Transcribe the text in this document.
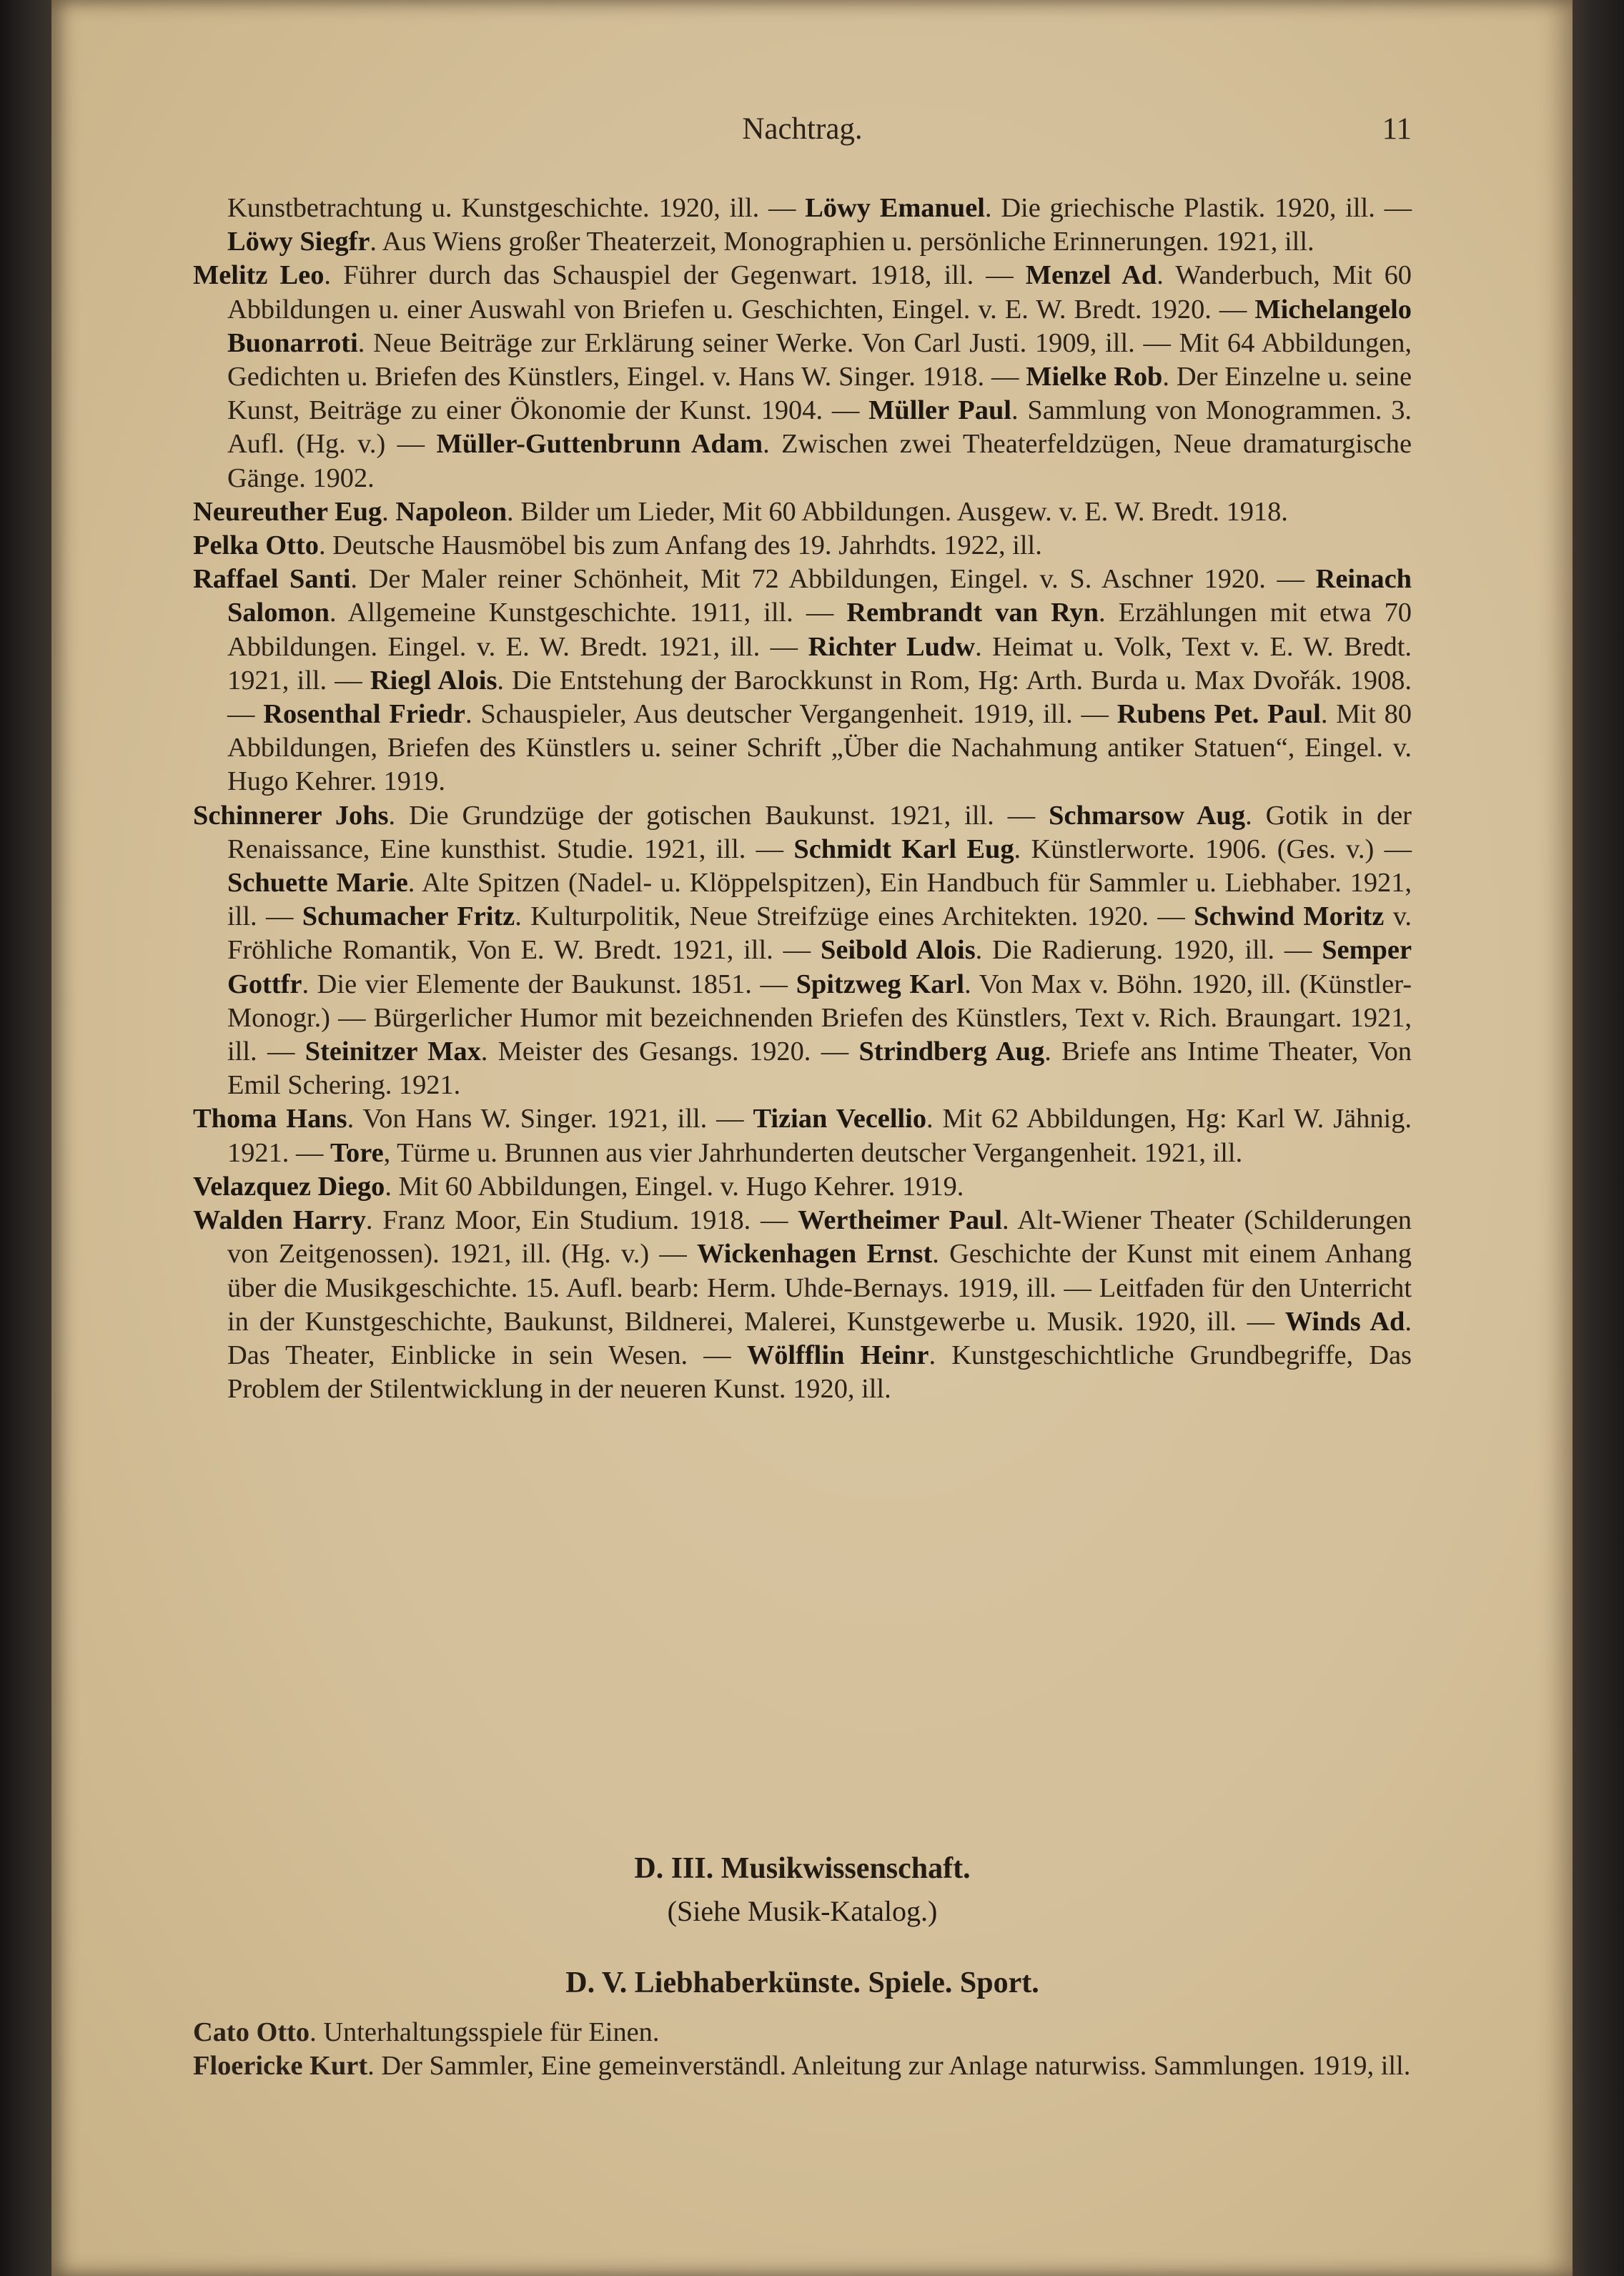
Nachtrag.	11

Kunstbetrachtung u. Kunstgeschichte. 1920, ill. — Löwy Emanuel. Die griechische Plastik. 1920, ill. — Löwy Siegfr. Aus Wiens großer Theaterzeit, Monographien u. persönliche Erinnerungen. 1921, ill.

Melitz Leo. Führer durch das Schauspiel der Gegenwart. 1918, ill. — Menzel Ad. Wanderbuch, Mit 60 Abbildungen u. einer Auswahl von Briefen u. Geschichten, Eingel. v. E. W. Bredt. 1920. — Michelangelo Buonarroti. Neue Beiträge zur Erklärung seiner Werke. Von Carl Justi. 1909, ill. — Mit 64 Abbildungen, Gedichten u. Briefen des Künstlers, Eingel. v. Hans W. Singer. 1918. — Mielke Rob. Der Einzelne u. seine Kunst, Beiträge zu einer Ökonomie der Kunst. 1904. — Müller Paul. Sammlung von Monogrammen. 3. Aufl. (Hg. v.) — Müller-Guttenbrunn Adam. Zwischen zwei Theaterfeldzügen, Neue dramaturgische Gänge. 1902.

Neureuther Eug. Napoleon. Bilder um Lieder, Mit 60 Abbildungen. Ausgew. v. E. W. Bredt. 1918.

Pelka Otto. Deutsche Hausmöbel bis zum Anfang des 19. Jahrhdts. 1922, ill.

Raffael Santi. Der Maler reiner Schönheit, Mit 72 Abbildungen, Eingel. v. S. Aschner 1920. — Reinach Salomon. Allgemeine Kunstgeschichte. 1911, ill. — Rembrandt van Ryn. Erzählungen mit etwa 70 Abbildungen. Eingel. v. E. W. Bredt. 1921, ill. — Richter Ludw. Heimat u. Volk, Text v. E. W. Bredt. 1921, ill. — Riegl Alois. Die Entstehung der Barockkunst in Rom, Hg: Arth. Burda u. Max Dvořák. 1908. — Rosenthal Friedr. Schauspieler, Aus deutscher Vergangenheit. 1919, ill. — Rubens Pet. Paul. Mit 80 Abbildungen, Briefen des Künstlers u. seiner Schrift „Über die Nachahmung antiker Statuen“, Eingel. v. Hugo Kehrer. 1919.

Schinnerer Johs. Die Grundzüge der gotischen Baukunst. 1921, ill. — Schmarsow Aug. Gotik in der Renaissance, Eine kunsthist. Studie. 1921, ill. — Schmidt Karl Eug. Künstlerworte. 1906. (Ges. v.) — Schuette Marie. Alte Spitzen (Nadel- u. Klöppelspitzen), Ein Handbuch für Sammler u. Liebhaber. 1921, ill. — Schumacher Fritz. Kulturpolitik, Neue Streifzüge eines Architekten. 1920. — Schwind Moritz v. Fröhliche Romantik, Von E. W. Bredt. 1921, ill. — Seibold Alois. Die Radierung. 1920, ill. — Semper Gottfr. Die vier Elemente der Baukunst. 1851. — Spitzweg Karl. Von Max v. Böhn. 1920, ill. (Künstler-Monogr.) — Bürgerlicher Humor mit bezeichnenden Briefen des Künstlers, Text v. Rich. Braungart. 1921, ill. — Steinitzer Max. Meister des Gesangs. 1920. — Strindberg Aug. Briefe ans Intime Theater, Von Emil Schering. 1921.

Thoma Hans. Von Hans W. Singer. 1921, ill. — Tizian Vecellio. Mit 62 Abbildungen, Hg: Karl W. Jähnig. 1921. — Tore, Türme u. Brunnen aus vier Jahrhunderten deutscher Vergangenheit. 1921, ill.

Velazquez Diego. Mit 60 Abbildungen, Eingel. v. Hugo Kehrer. 1919.

Walden Harry. Franz Moor, Ein Studium. 1918. — Wertheimer Paul. Alt-Wiener Theater (Schilderungen von Zeitgenossen). 1921, ill. (Hg. v.) — Wickenhagen Ernst. Geschichte der Kunst mit einem Anhang über die Musikgeschichte. 15. Aufl. bearb: Herm. Uhde-Bernays. 1919, ill. — Leitfaden für den Unterricht in der Kunstgeschichte, Baukunst, Bildnerei, Malerei, Kunstgewerbe u. Musik. 1920, ill. — Winds Ad. Das Theater, Einblicke in sein Wesen. — Wölfflin Heinr. Kunstgeschichtliche Grundbegriffe, Das Problem der Stilentwicklung in der neueren Kunst. 1920, ill.

D. III. Musikwissenschaft.
(Siehe Musik-Katalog.)
D. V. Liebhaberkünste. Spiele. Sport.

Cato Otto. Unterhaltungsspiele für Einen.

Floericke Kurt. Der Sammler, Eine gemeinverständl. Anleitung zur Anlage naturwiss. Sammlungen. 1919, ill.
